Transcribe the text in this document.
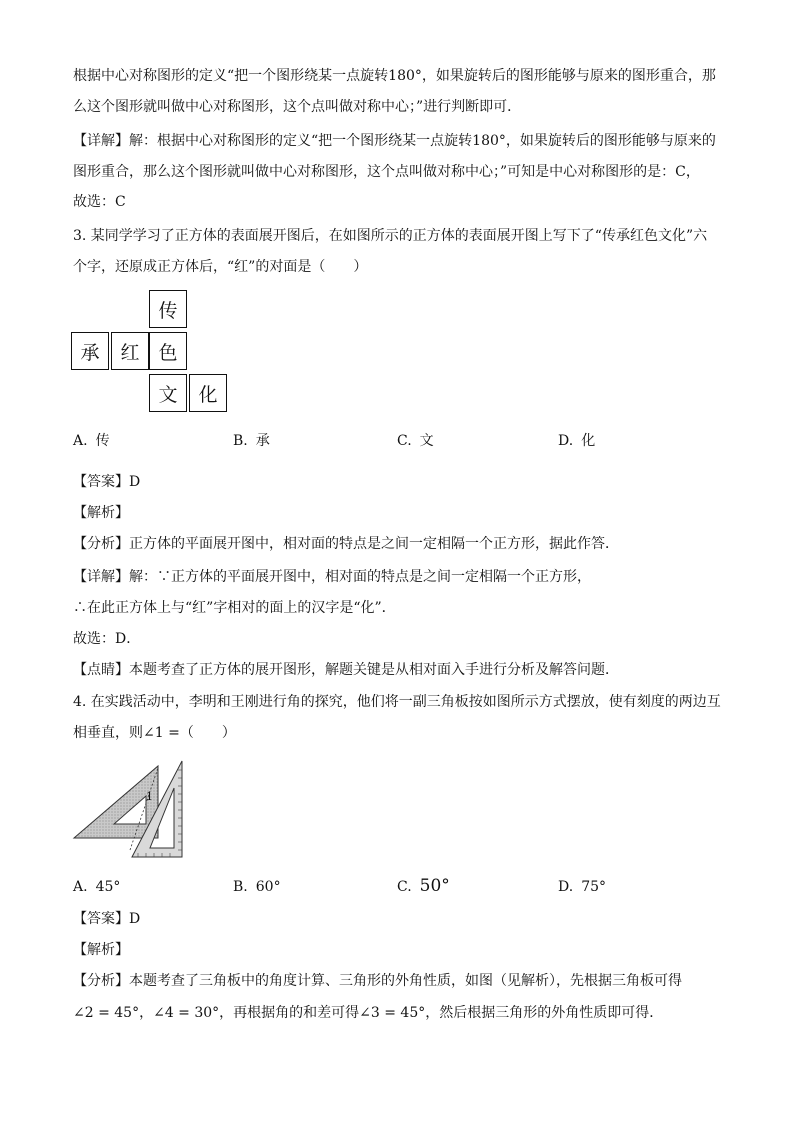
根据中心对称图形的定义“把一个图形绕某一点旋转180°，如果旋转后的图形能够与原来的图形重合，那
么这个图形就叫做中心对称图形，这个点叫做对称中心；”进行判断即可．
【详解】解：根据中心对称图形的定义“把一个图形绕某一点旋转180°，如果旋转后的图形能够与原来的
图形重合，那么这个图形就叫做中心对称图形，这个点叫做对称中心；”可知是中心对称图形的是：C，
故选：C
3. 某同学学习了正方体的表面展开图后，在如图所示的正方体的表面展开图上写下了“传承红色文化”六
个字，还原成正方体后，“红”的对面是（　　）
传
承	红 色
文	化
A. 传	B. 承	C. 文	D. 化
【答案】D
【解析】
【分析】正方体的平面展开图中，相对面的特点是之间一定相隔一个正方形，据此作答．
【详解】解：∵正方体的平面展开图中，相对面的特点是之间一定相隔一个正方形，
∴在此正方体上与“红”字相对的面上的汉字是“化”．
故选：D．
【点睛】本题考查了正方体的展开图形，解题关键是从相对面入手进行分析及解答问题．
4. 在实践活动中，李明和王刚进行角的探究，他们将一副三角板按如图所示方式摆放，使有刻度的两边互
相垂直，则∠1 =（　　）
1
A. 45°	B. 60°	C. 50°	D. 75°
【答案】D
【解析】
【分析】本题考查了三角板中的角度计算、三角形的外角性质，如图（见解析），先根据三角板可得
∠2 = 45°，∠4 = 30°，再根据角的和差可得∠3 = 45°，然后根据三角形的外角性质即可得．
